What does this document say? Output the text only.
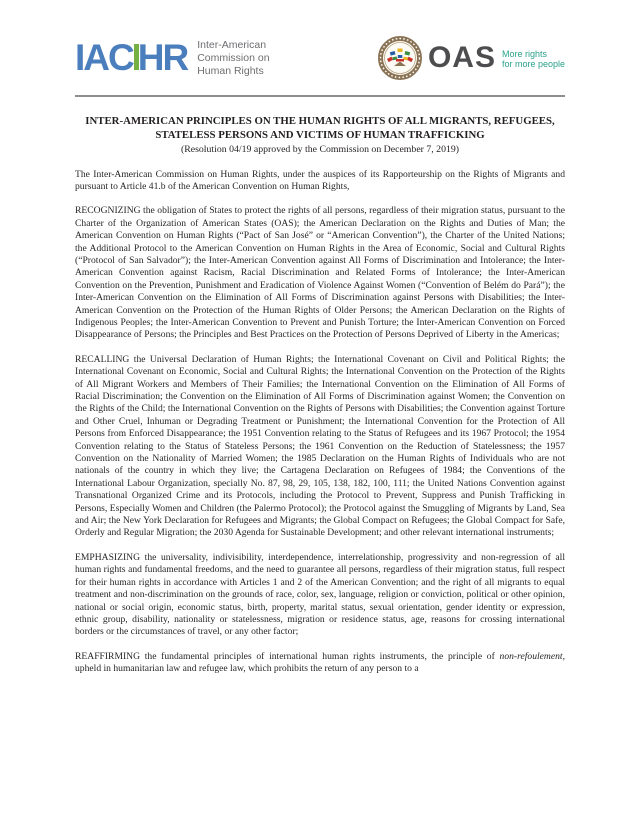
IAC HR Inter-American
Commission on
Human Rights	OAS More rights
for more people
INTER-AMERICAN PRINCIPLES ON THE HUMAN RIGHTS OF ALL MIGRANTS, REFUGEES,
STATELESS PERSONS AND VICTIMS OF HUMAN TRAFFICKING
(Resolution 04/19 approved by the Commission on December 7, 2019)

The Inter-American Commission on Human Rights, under the auspices of its Rapporteurship on the Rights of Migrants and pursuant to Article 41.b of the American Convention on Human Rights,

RECOGNIZING the obligation of States to protect the rights of all persons, regardless of their migration status, pursuant to the Charter of the Organization of American States (OAS); the American Declaration on the Rights and Duties of Man; the American Convention on Human Rights (“Pact of San José” or “American Convention”), the Charter of the United Nations; the Additional Protocol to the American Convention on Human Rights in the Area of Economic, Social and Cultural Rights (“Protocol of San Salvador”); the Inter-American Convention against All Forms of Discrimination and Intolerance; the Inter-American Convention against Racism, Racial Discrimination and Related Forms of Intolerance; the Inter-American Convention on the Prevention, Punishment and Eradication of Violence Against Women (“Convention of Belém do Pará”); the Inter-American Convention on the Elimination of All Forms of Discrimination against Persons with Disabilities; the Inter-American Convention on the Protection of the Human Rights of Older Persons; the American Declaration on the Rights of Indigenous Peoples; the Inter-American Convention to Prevent and Punish Torture; the Inter-American Convention on Forced Disappearance of Persons; the Principles and Best Practices on the Protection of Persons Deprived of Liberty in the Americas;

RECALLING the Universal Declaration of Human Rights; the International Covenant on Civil and Political Rights; the International Covenant on Economic, Social and Cultural Rights; the International Convention on the Protection of the Rights of All Migrant Workers and Members of Their Families; the International Convention on the Elimination of All Forms of Racial Discrimination; the Convention on the Elimination of All Forms of Discrimination against Women; the Convention on the Rights of the Child; the International Convention on the Rights of Persons with Disabilities; the Convention against Torture and Other Cruel, Inhuman or Degrading Treatment or Punishment; the International Convention for the Protection of All Persons from Enforced Disappearance; the 1951 Convention relating to the Status of Refugees and its 1967 Protocol; the 1954 Convention relating to the Status of Stateless Persons; the 1961 Convention on the Reduction of Statelessness; the 1957 Convention on the Nationality of Married Women; the 1985 Declaration on the Human Rights of Individuals who are not nationals of the country in which they live; the Cartagena Declaration on Refugees of 1984; the Conventions of the International Labour Organization, specially No. 87, 98, 29, 105, 138, 182, 100, 111; the United Nations Convention against Transnational Organized Crime and its Protocols, including the Protocol to Prevent, Suppress and Punish Trafficking in Persons, Especially Women and Children (the Palermo Protocol); the Protocol against the Smuggling of Migrants by Land, Sea and Air; the New York Declaration for Refugees and Migrants; the Global Compact on Refugees; the Global Compact for Safe, Orderly and Regular Migration; the 2030 Agenda for Sustainable Development; and other relevant international instruments;

EMPHASIZING the universality, indivisibility, interdependence, interrelationship, progressivity and non-regression of all human rights and fundamental freedoms, and the need to guarantee all persons, regardless of their migration status, full respect for their human rights in accordance with Articles 1 and 2 of the American Convention; and the right of all migrants to equal treatment and non-discrimination on the grounds of race, color, sex, language, religion or conviction, political or other opinion, national or social origin, economic status, birth, property, marital status, sexual orientation, gender identity or expression, ethnic group, disability, nationality or statelessness, migration or residence status, age, reasons for crossing international borders or the circumstances of travel, or any other factor;

REAFFIRMING the fundamental principles of international human rights instruments, the principle of non-refoulement, upheld in humanitarian law and refugee law, which prohibits the return of any person to a
